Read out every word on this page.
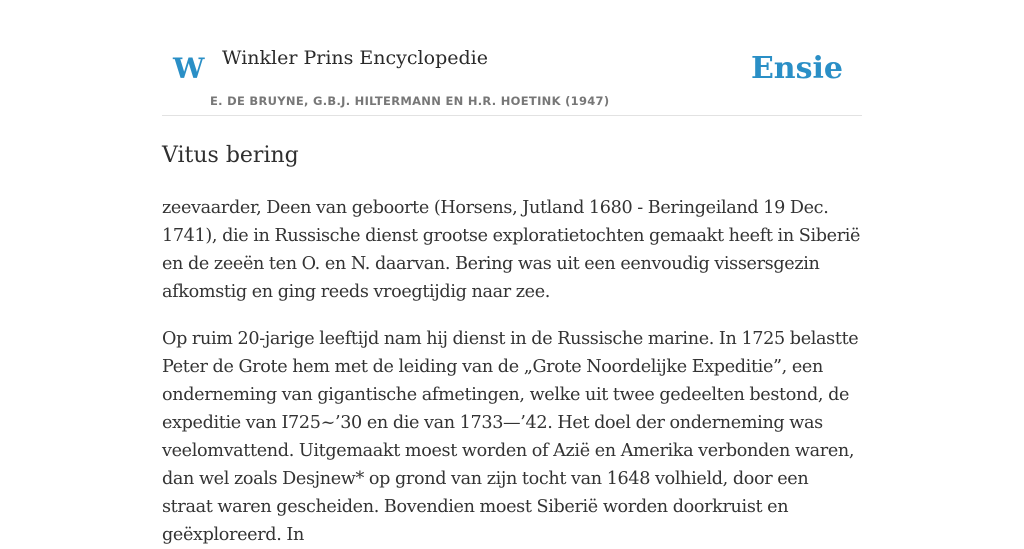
W Winkler Prins Encyclopedie
E. DE BRUYNE, G.B.J. HILTERMANN EN H.R. HOETINK (1947)
Ensie
Vitus bering

zeevaarder, Deen van geboorte (Horsens, Jutland 1680 - Beringeiland 19 Dec. 1741), die in Russische dienst grootse exploratietochten gemaakt heeft in Siberië en de zeeën ten O. en N. daarvan. Bering was uit een eenvoudig vissersgezin afkomstig en ging reeds vroegtijdig naar zee.

Op ruim 20-jarige leeftijd nam hij dienst in de Russische marine. In 1725 belastte Peter de Grote hem met de leiding van de „Grote Noordelijke Expeditie”, een onderneming van gigantische afmetingen, welke uit twee gedeelten bestond, de expeditie van I725~’30 en die van 1733—’42. Het doel der onderneming was veelomvattend. Uitgemaakt moest worden of Azië en Amerika verbonden waren, dan wel zoals Desjnew* op grond van zijn tocht van 1648 volhield, door een straat waren gescheiden. Bovendien moest Siberië worden doorkruist en geëxploreerd. In
